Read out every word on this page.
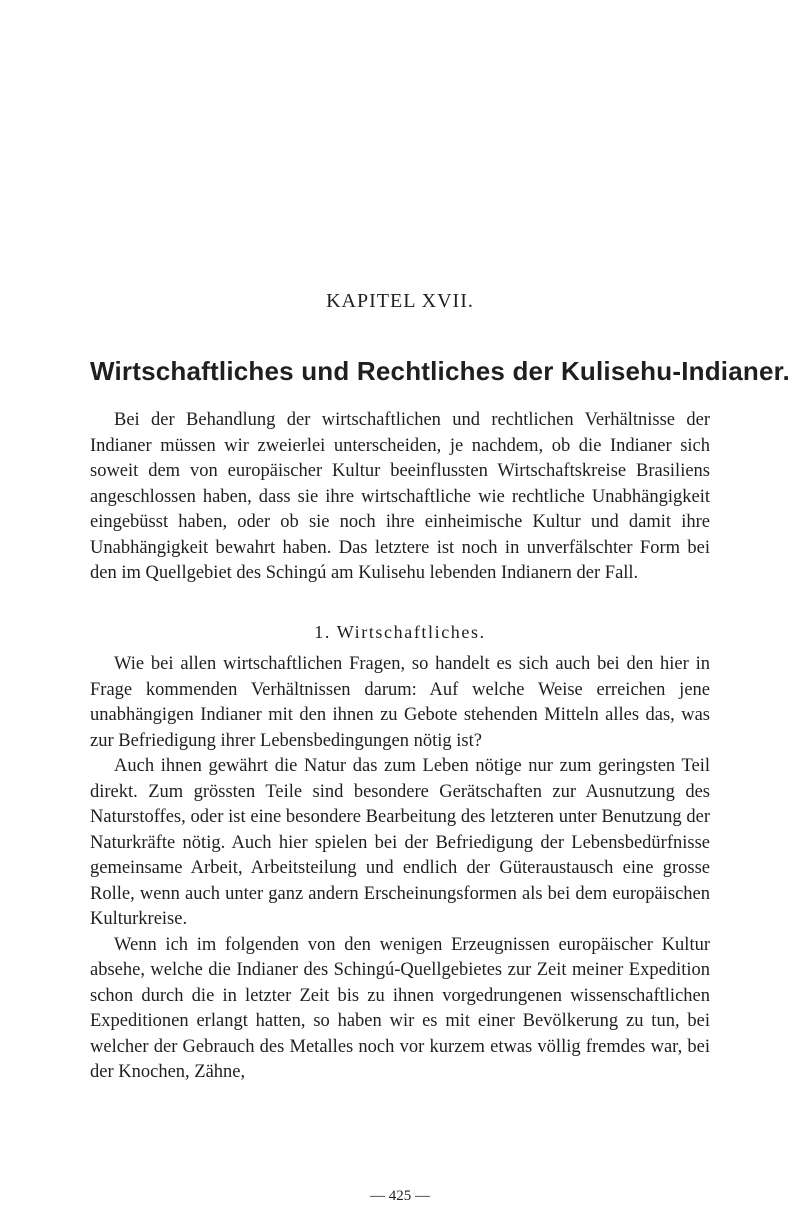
KAPITEL XVII.
Wirtschaftliches und Rechtliches der Kulisehu-Indianer.

Bei der Behandlung der wirtschaftlichen und rechtlichen Verhältnisse der Indianer müssen wir zweierlei unterscheiden, je nachdem, ob die Indianer sich soweit dem von europäischer Kultur beeinflussten Wirtschaftskreise Brasiliens angeschlossen haben, dass sie ihre wirtschaftliche wie rechtliche Unabhängigkeit eingebüsst haben, oder ob sie noch ihre einheimische Kultur und damit ihre Unabhängigkeit bewahrt haben. Das letztere ist noch in unverfälschter Form bei den im Quellgebiet des Schingú am Kulisehu lebenden Indianern der Fall.

1. Wirtschaftliches.

Wie bei allen wirtschaftlichen Fragen, so handelt es sich auch bei den hier in Frage kommenden Verhältnissen darum: Auf welche Weise erreichen jene unabhängigen Indianer mit den ihnen zu Gebote stehenden Mitteln alles das, was zur Befriedigung ihrer Lebensbedingungen nötig ist?

Auch ihnen gewährt die Natur das zum Leben nötige nur zum geringsten Teil direkt. Zum grössten Teile sind besondere Gerätschaften zur Ausnutzung des Naturstoffes, oder ist eine besondere Bearbeitung des letzteren unter Benutzung der Naturkräfte nötig. Auch hier spielen bei der Befriedigung der Lebensbedürfnisse gemeinsame Arbeit, Arbeitsteilung und endlich der Güteraustausch eine grosse Rolle, wenn auch unter ganz andern Erscheinungsformen als bei dem europäischen Kulturkreise.

Wenn ich im folgenden von den wenigen Erzeugnissen europäischer Kultur absehe, welche die Indianer des Schingú-Quellgebietes zur Zeit meiner Expedition schon durch die in letzter Zeit bis zu ihnen vorgedrungenen wissenschaftlichen Expeditionen erlangt hatten, so haben wir es mit einer Bevölkerung zu tun, bei welcher der Gebrauch des Metalles noch vor kurzem etwas völlig fremdes war, bei der Knochen, Zähne,

— 425 —
